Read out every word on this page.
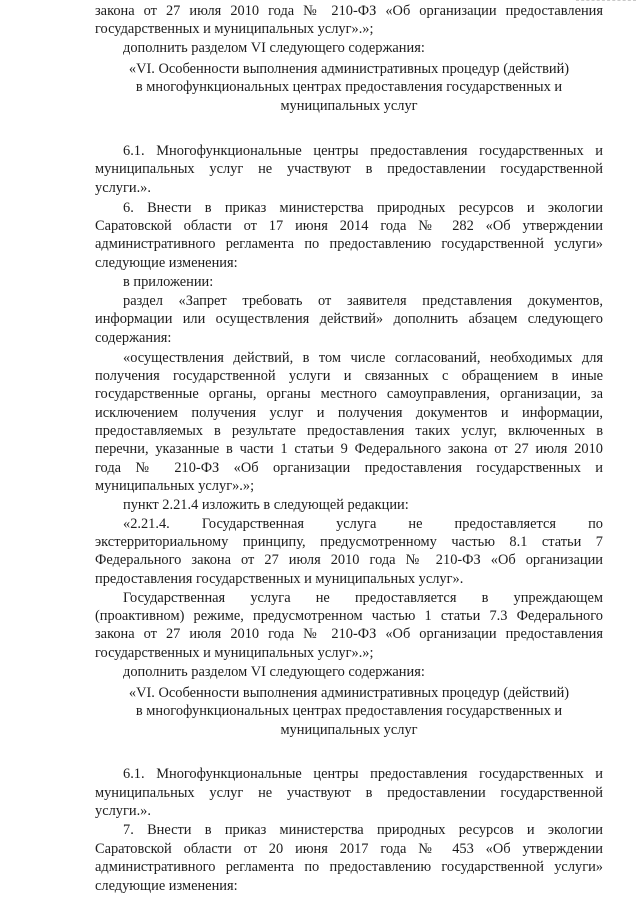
закона от 27 июля 2010 года № 210-ФЗ «Об организации предоставления
государственных и муниципальных услуг».»;
дополнить разделом VI следующего содержания:
«VI. Особенности выполнения административных процедур (действий)
в многофункциональных центрах предоставления государственных и
муниципальных услуг
6.1. Многофункциональные центры предоставления государственных и
муниципальных услуг не участвуют в предоставлении государственной
услуги.».
6. Внести в приказ министерства природных ресурсов и экологии
Саратовской области от 17 июня 2014 года № 282 «Об утверждении
административного регламента по предоставлению государственной услуги»
следующие изменения:
в приложении:
раздел «Запрет требовать от заявителя представления документов,
информации или осуществления действий» дополнить абзацем следующего
содержания:
«осуществления действий, в том числе согласований, необходимых для
получения государственной услуги и связанных с обращением в иные
государственные органы, органы местного самоуправления, организации, за
исключением получения услуг и получения документов и информации,
предоставляемых в результате предоставления таких услуг, включенных в
перечни, указанные в части 1 статьи 9 Федерального закона от 27 июля 2010
года № 210-ФЗ «Об организации предоставления государственных и
муниципальных услуг».»;
пункт 2.21.4 изложить в следующей редакции:
«2.21.4. Государственная услуга не предоставляется по
экстерриториальному принципу, предусмотренному частью 8.1 статьи 7
Федерального закона от 27 июля 2010 года № 210-ФЗ «Об организации
предоставления государственных и муниципальных услуг».
Государственная услуга не предоставляется в упреждающем
(проактивном) режиме, предусмотренном частью 1 статьи 7.3 Федерального
закона от 27 июля 2010 года № 210-ФЗ «Об организации предоставления
государственных и муниципальных услуг».»;
дополнить разделом VI следующего содержания:
«VI. Особенности выполнения административных процедур (действий)
в многофункциональных центрах предоставления государственных и
муниципальных услуг
6.1. Многофункциональные центры предоставления государственных и
муниципальных услуг не участвуют в предоставлении государственной
услуги.».
7. Внести в приказ министерства природных ресурсов и экологии
Саратовской области от 20 июня 2017 года № 453 «Об утверждении
административного регламента по предоставлению государственной услуги»
следующие изменения:
